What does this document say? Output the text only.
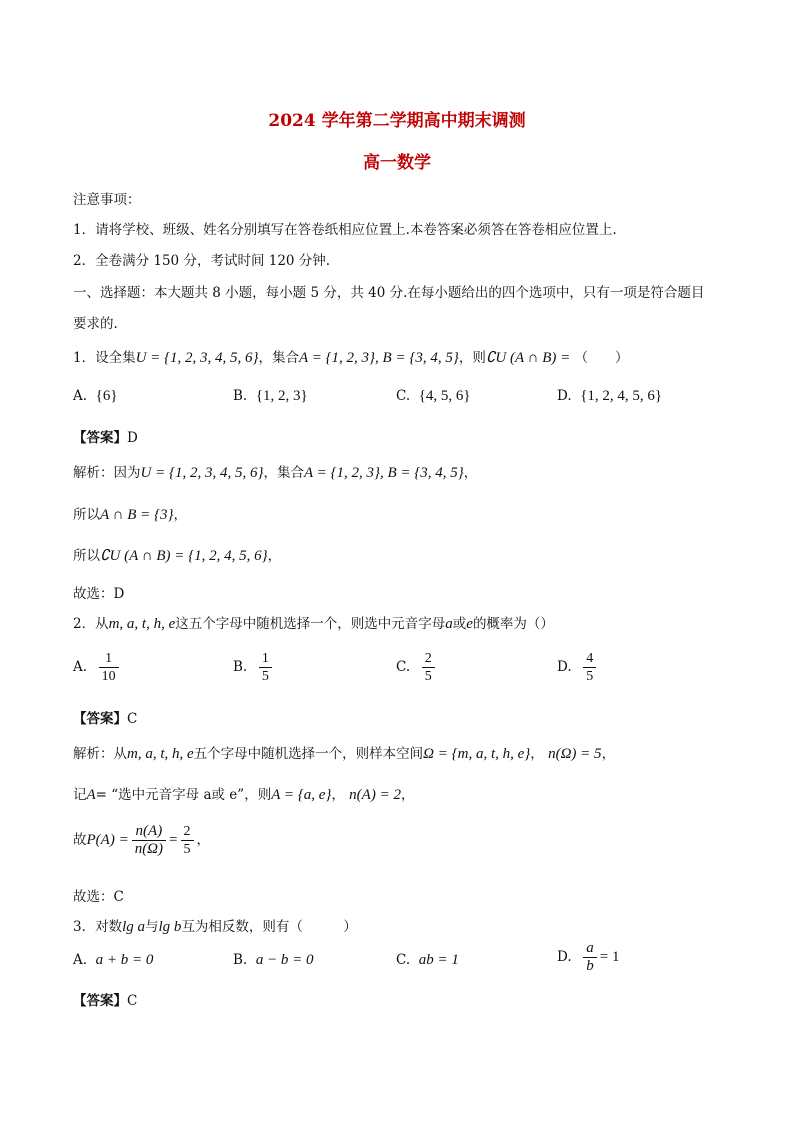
2024 学年第二学期高中期末调测
高一数学
注意事项：
1．请将学校、班级、姓名分别填写在答卷纸相应位置上.本卷答案必须答在答卷相应位置上.
2．全卷满分 150 分，考试时间 120 分钟.
一、选择题：本大题共 8 小题，每小题 5 分，共 40 分.在每小题给出的四个选项中，只有一项是符合题目
要求的.
1．设全集U = {1, 2, 3, 4, 5, 6}，集合A = {1, 2, 3}, B = {3, 4, 5}，则∁U (A ∩ B) = （　　）
A. {6}	B. {1, 2, 3}	C. {4, 5, 6}	D. {1, 2, 4, 5, 6}
【答案】D
解析：因为U = {1, 2, 3, 4, 5, 6}，集合A = {1, 2, 3}, B = {3, 4, 5}，
所以A ∩ B = {3}，
所以∁U (A ∩ B) = {1, 2, 4, 5, 6}，
故选：D
2．从m, a, t, h, e这五个字母中随机选择一个，则选中元音字母a或e的概率为（）
A. $\frac{1}{10}$	B. $\frac{1}{5}$	C. $\frac{2}{5}$	D. $\frac{4}{5}$
【答案】C
解析：从m, a, t, h, e五个字母中随机选择一个，则样本空间Ω = {m, a, t, h, e}， n(Ω) = 5，
记A= “选中元音字母 a或 e”，则A = {a, e}， n(A) = 2，
故$P(A) = \frac{n(A)}{n(\Omega)} = \frac{2}{5}$ ，
故选：C
3．对数lg a与lg b互为相反数，则有（　　　）
A. a + b = 0	B. a − b = 0	C. ab = 1	D. $\frac{a}{b} = 1$
【答案】C
